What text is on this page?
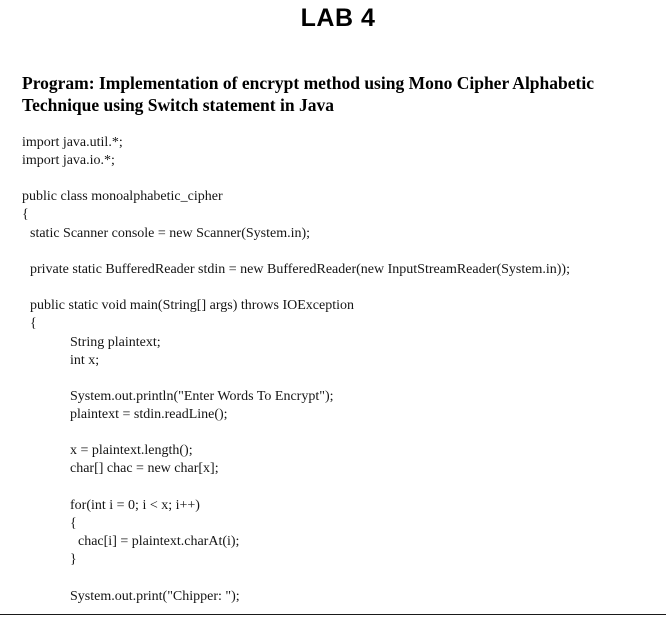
LAB 4
Program: Implementation of encrypt method using Mono Cipher Alphabetic
Technique using Switch statement in Java
import java.util.*;
import java.io.*;
public class monoalphabetic_cipher
{
static Scanner console = new Scanner(System.in);
private static BufferedReader stdin = new BufferedReader(new InputStreamReader(System.in));
public static void main(String[] args) throws IOException
{
String plaintext;
int x;
System.out.println("Enter Words To Encrypt");
plaintext = stdin.readLine();
x = plaintext.length();
char[] chac = new char[x];
for(int i = 0; i < x; i++)
{
chac[i] = plaintext.charAt(i);
}
System.out.print("Chipper: ");
